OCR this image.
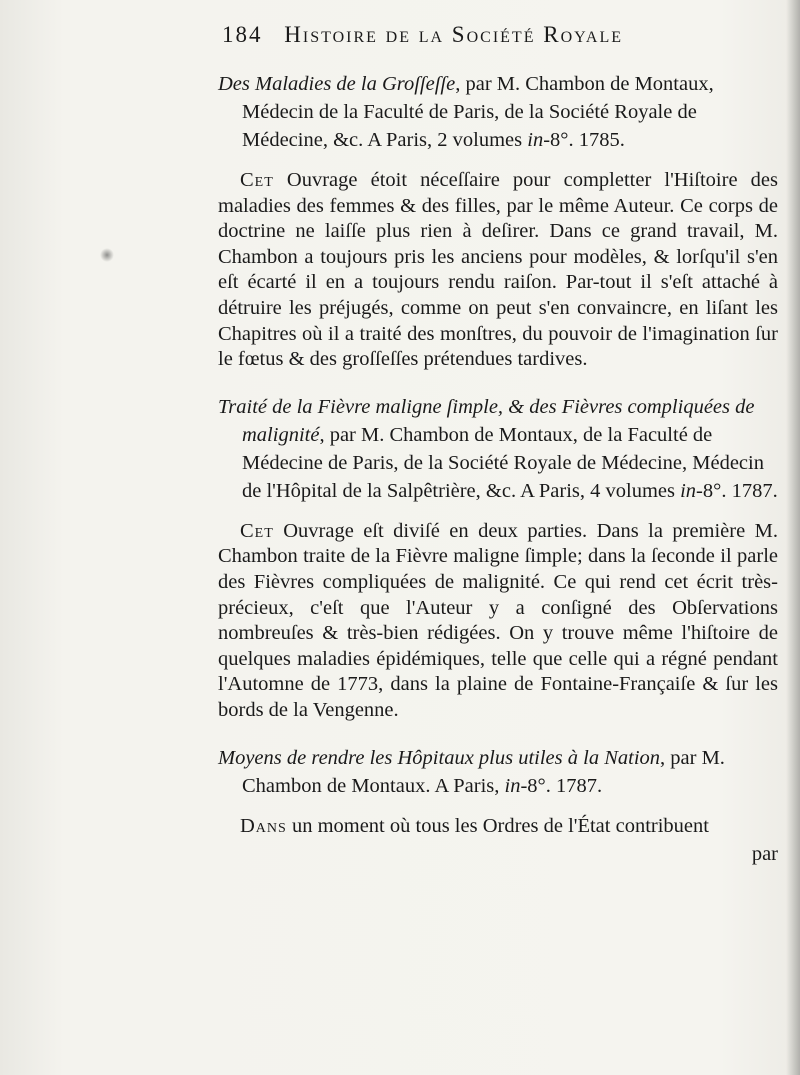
184 Histoire de la Société Royale

Des Maladies de la Groſſeſſe, par M. Chambon de Montaux, Médecin de la Faculté de Paris, de la Société Royale de Médecine, &c. A Paris, 2 volumes in-8°. 1785.

Cet Ouvrage étoit néceſſaire pour completter l'Hiſtoire des maladies des femmes & des filles, par le même Auteur. Ce corps de doctrine ne laiſſe plus rien à deſirer. Dans ce grand travail, M. Chambon a toujours pris les anciens pour modèles, & lorſqu'il s'en eſt écarté il en a toujours rendu raiſon. Par-tout il s'eſt attaché à détruire les préjugés, comme on peut s'en convaincre, en liſant les Chapitres où il a traité des monſtres, du pouvoir de l'imagination ſur le fœtus & des groſſeſſes prétendues tardives.

Traité de la Fièvre maligne ſimple, & des Fièvres compliquées de malignité, par M. Chambon de Montaux, de la Faculté de Médecine de Paris, de la Société Royale de Médecine, Médecin de l'Hôpital de la Salpêtrière, &c. A Paris, 4 volumes in-8°. 1787.

Cet Ouvrage eſt diviſé en deux parties. Dans la première M. Chambon traite de la Fièvre maligne ſimple; dans la ſeconde il parle des Fièvres compliquées de malignité. Ce qui rend cet écrit très-précieux, c'eſt que l'Auteur y a conſigné des Obſervations nombreuſes & très-bien rédigées. On y trouve même l'hiſtoire de quelques maladies épidémiques, telle que celle qui a régné pendant l'Automne de 1773, dans la plaine de Fontaine-Françaiſe & ſur les bords de la Vengenne.

Moyens de rendre les Hôpitaux plus utiles à la Nation, par M. Chambon de Montaux. A Paris, in-8°. 1787.

Dans un moment où tous les Ordres de l'État contribuent

par
